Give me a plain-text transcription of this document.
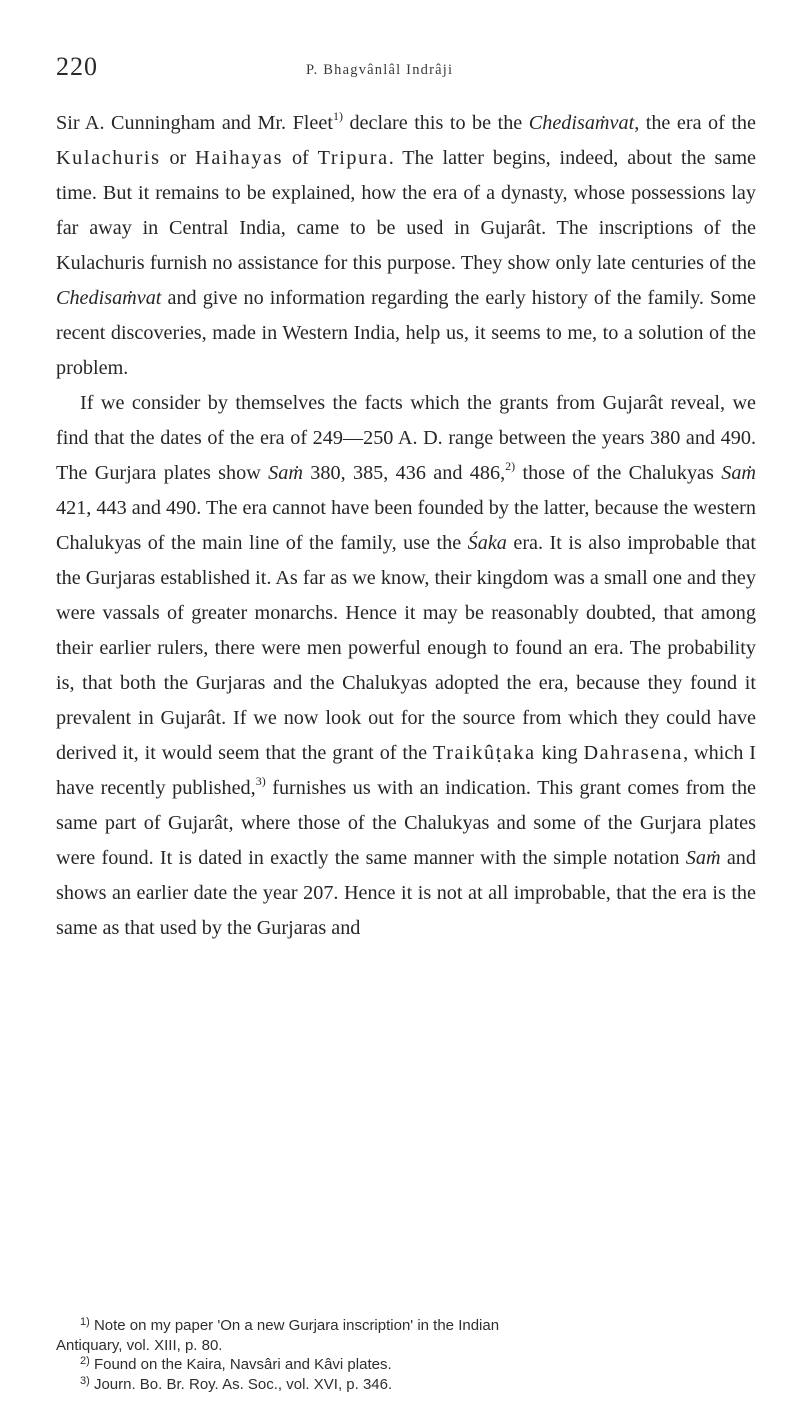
220	P. Bhagvânlâl Indrâji

Sir A. Cunningham and Mr. Fleet$^{1)}$ declare this to be the Chedisaṁvat, the era of the Kulachuris or Haihayas of Tripura. The latter begins, indeed, about the same time. But it remains to be explained, how the era of a dynasty, whose possessions lay far away in Central India, came to be used in Gujarât. The inscriptions of the Kulachuris furnish no assistance for this purpose. They show only late centuries of the Chedisaṁvat and give no information regarding the early history of the family. Some recent discoveries, made in Western India, help us, it seems to me, to a solution of the problem.

If we consider by themselves the facts which the grants from Gujarât reveal, we find that the dates of the era of 249—250 A. D. range between the years 380 and 490. The Gurjara plates show Saṁ 380, 385, 436 and 486,$^{2)}$ those of the Chalukyas Saṁ 421, 443 and 490. The era cannot have been founded by the latter, because the western Chalukyas of the main line of the family, use the Śaka era. It is also improbable that the Gurjaras established it. As far as we know, their kingdom was a small one and they were vassals of greater monarchs. Hence it may be reasonably doubted, that among their earlier rulers, there were men powerful enough to found an era. The probability is, that both the Gurjaras and the Chalukyas adopted the era, because they found it prevalent in Gujarât. If we now look out for the source from which they could have derived it, it would seem that the grant of the Traikûṭaka king Dahrasena, which I have recently published,$^{3)}$ furnishes us with an indication. This grant comes from the same part of Gujarât, where those of the Chalukyas and some of the Gurjara plates were found. It is dated in exactly the same manner with the simple notation Saṁ and shows an earlier date the year 207. Hence it is not at all improbable, that the era is the same as that used by the Gurjaras and

$^{1)}$ Note on my paper 'On a new Gurjara inscription' in the Indian

Antiquary, vol. XIII, p. 80.

$^{2)}$ Found on the Kaira, Navsâri and Kâvi plates.

$^{3)}$ Journ. Bo. Br. Roy. As. Soc., vol. XVI, p. 346.
